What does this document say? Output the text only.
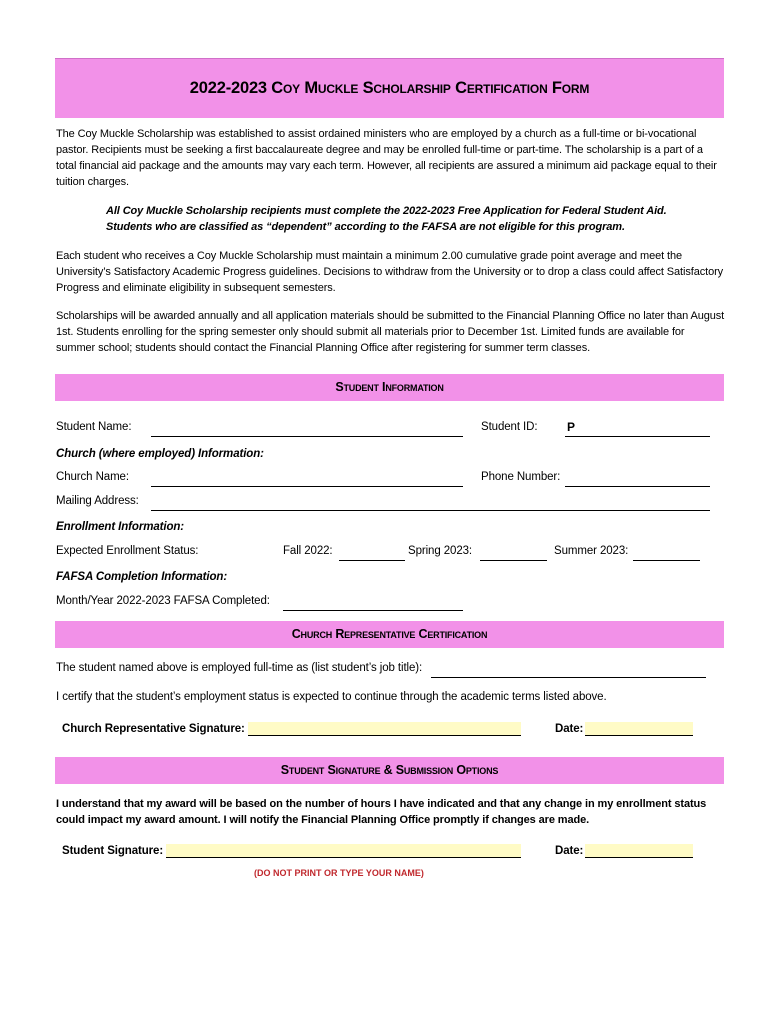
2022-2023 Coy Muckle Scholarship Certification Form
The Coy Muckle Scholarship was established to assist ordained ministers who are employed by a church as a full-time or bi-vocational pastor. Recipients must be seeking a first baccalaureate degree and may be enrolled full-time or part-time. The scholarship is a part of a total financial aid package and the amounts may vary each term. However, all recipients are assured a minimum aid package equal to their tuition charges.
All Coy Muckle Scholarship recipients must complete the 2022-2023 Free Application for Federal Student Aid. Students who are classified as “dependent” according to the FAFSA are not eligible for this program.
Each student who receives a Coy Muckle Scholarship must maintain a minimum 2.00 cumulative grade point average and meet the University’s Satisfactory Academic Progress guidelines. Decisions to withdraw from the University or to drop a class could affect Satisfactory Progress and eliminate eligibility in subsequent semesters.
Scholarships will be awarded annually and all application materials should be submitted to the Financial Planning Office no later than August 1st. Students enrolling for the spring semester only should submit all materials prior to December 1st. Limited funds are available for summer school; students should contact the Financial Planning Office after registering for summer term classes.
Student Information
Student Name:	Student ID: P
Church (where employed) Information:
Church Name:	Phone Number:
Mailing Address:
Enrollment Information:
Expected Enrollment Status:	Fall 2022:	Spring 2023:	Summer 2023:
FAFSA Completion Information:
Month/Year 2022-2023 FAFSA Completed:
Church Representative Certification
The student named above is employed full-time as (list student’s job title):
I certify that the student’s employment status is expected to continue through the academic terms listed above.
Church Representative Signature:	Date:
Student Signature & Submission Options
I understand that my award will be based on the number of hours I have indicated and that any change in my enrollment status could impact my award amount. I will notify the Financial Planning Office promptly if changes are made.
Student Signature:	Date:
(DO NOT PRINT OR TYPE YOUR NAME)
